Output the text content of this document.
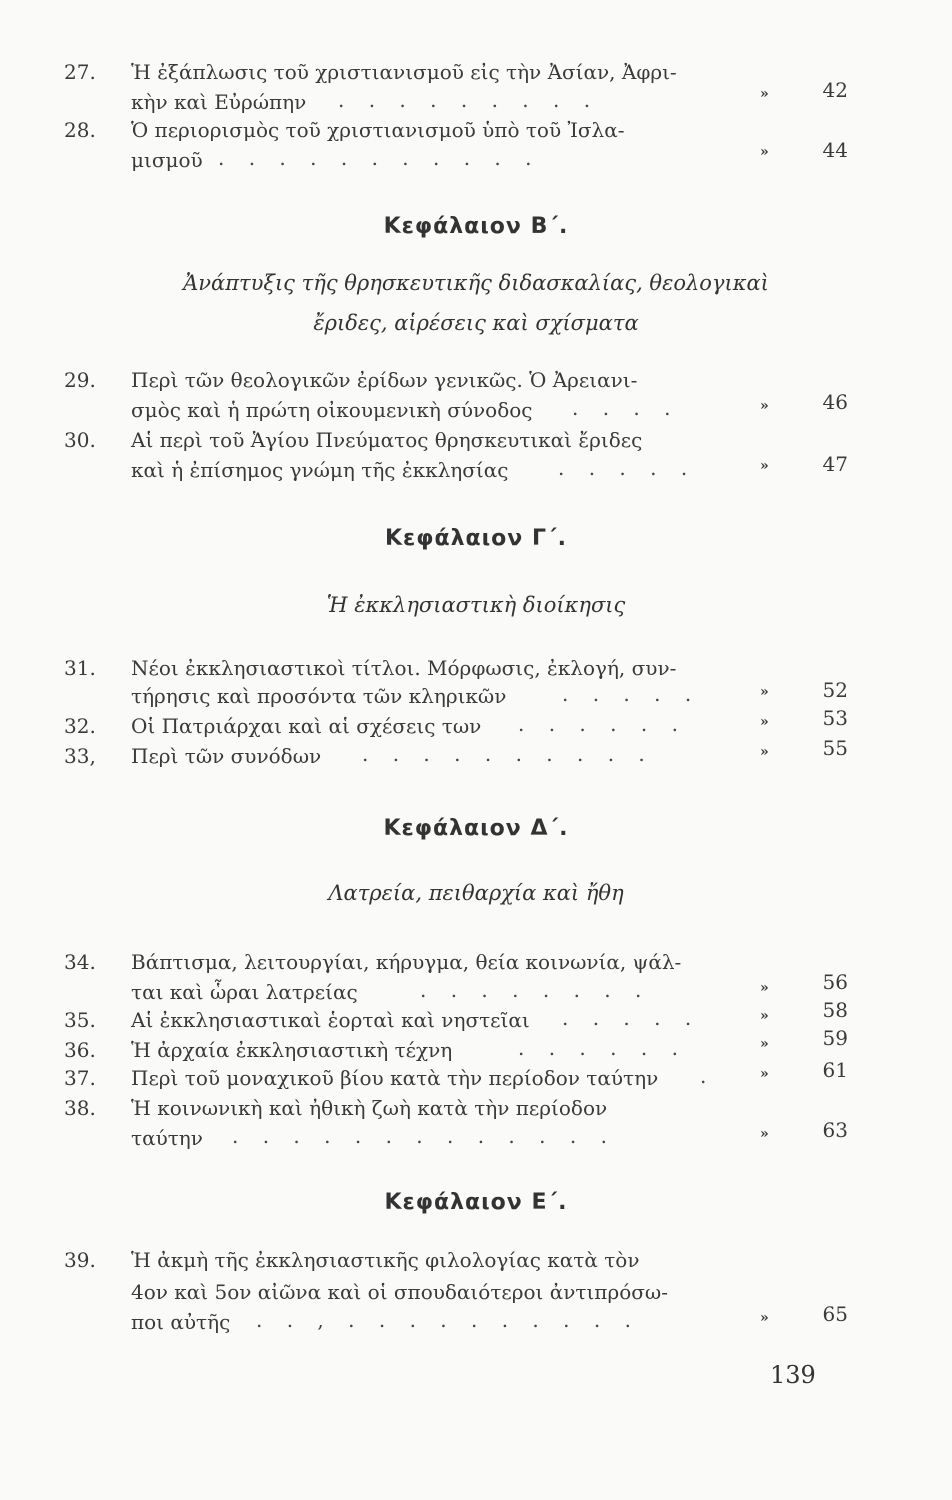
27.	Ἡ ἐξάπλωσις τοῦ χριστιανισμοῦ εἰς τὴν Ἀσίαν, Ἀφρι-
κὴν καὶ Εὐρώπην . . . . . . . . .	»	42
28.	Ὁ περιορισμὸς τοῦ χριστιανισμοῦ ὑπὸ τοῦ Ἰσλα-
μισμοῦ . . . . . . . . . . .	»	44
Κεφάλαιον Β΄.
Ἀνάπτυξις τῆς θρησκευτικῆς διδασκαλίας, θεολογικαὶ
ἔριδες, αἱρέσεις καὶ σχίσματα
29.	Περὶ τῶν θεολογικῶν ἐρίδων γενικῶς. Ὁ Ἀρειανι-
σμὸς καὶ ἡ πρώτη οἰκουμενικὴ σύνοδος . . . .	»	46
30.	Αἱ περὶ τοῦ Ἁγίου Πνεύματος θρησκευτικαὶ ἔριδες
καὶ ἡ ἐπίσημος γνώμη τῆς ἐκκλησίας . . . . .	»	47
Κεφάλαιον Γ΄.
Ἡ ἐκκλησιαστικὴ διοίκησις
31.	Νέοι ἐκκλησιαστικοὶ τίτλοι. Μόρφωσις, ἐκλογή, συν-
τήρησις καὶ προσόντα τῶν κληρικῶν	. . . . .	»	52
32.	Οἱ Πατριάρχαι καὶ αἱ σχέσεις των . . . . . .	»	53
33,	Περὶ τῶν συνόδων . . . . . . . . . .	»	55
Κεφάλαιον Δ΄.
Λατρεία, πειθαρχία καὶ ἤθη
34.	Βάπτισμα, λειτουργίαι, κήρυγμα, θεία κοινωνία, ψάλ-
ται καὶ ὧραι λατρείας	. . . . . . . .	»	56
35.	Αἱ ἐκκλησιαστικαὶ ἑορταὶ καὶ νηστεῖαι . . . . .	»	58
36.	Ἡ ἀρχαία ἐκκλησιαστικὴ τέχνη	. . . . . .	»	59
37.	Περὶ τοῦ μοναχικοῦ βίου κατὰ τὴν περίοδον ταύτην .	»	61
38.	Ἡ κοινωνικὴ καὶ ἠθικὴ ζωὴ κατὰ τὴν περίοδον
ταύτην . . . . . . . . . . . . .	»	63
Κεφάλαιον Ε΄.
39.	Ἡ ἀκμὴ τῆς ἐκκλησιαστικῆς φιλολογίας κατὰ τὸν
4ον καὶ 5ον αἰῶνα καὶ οἱ σπουδαιότεροι ἀντιπρόσω-
ποι αὐτῆς . . , . . . . . . . . . .	»	65
139
